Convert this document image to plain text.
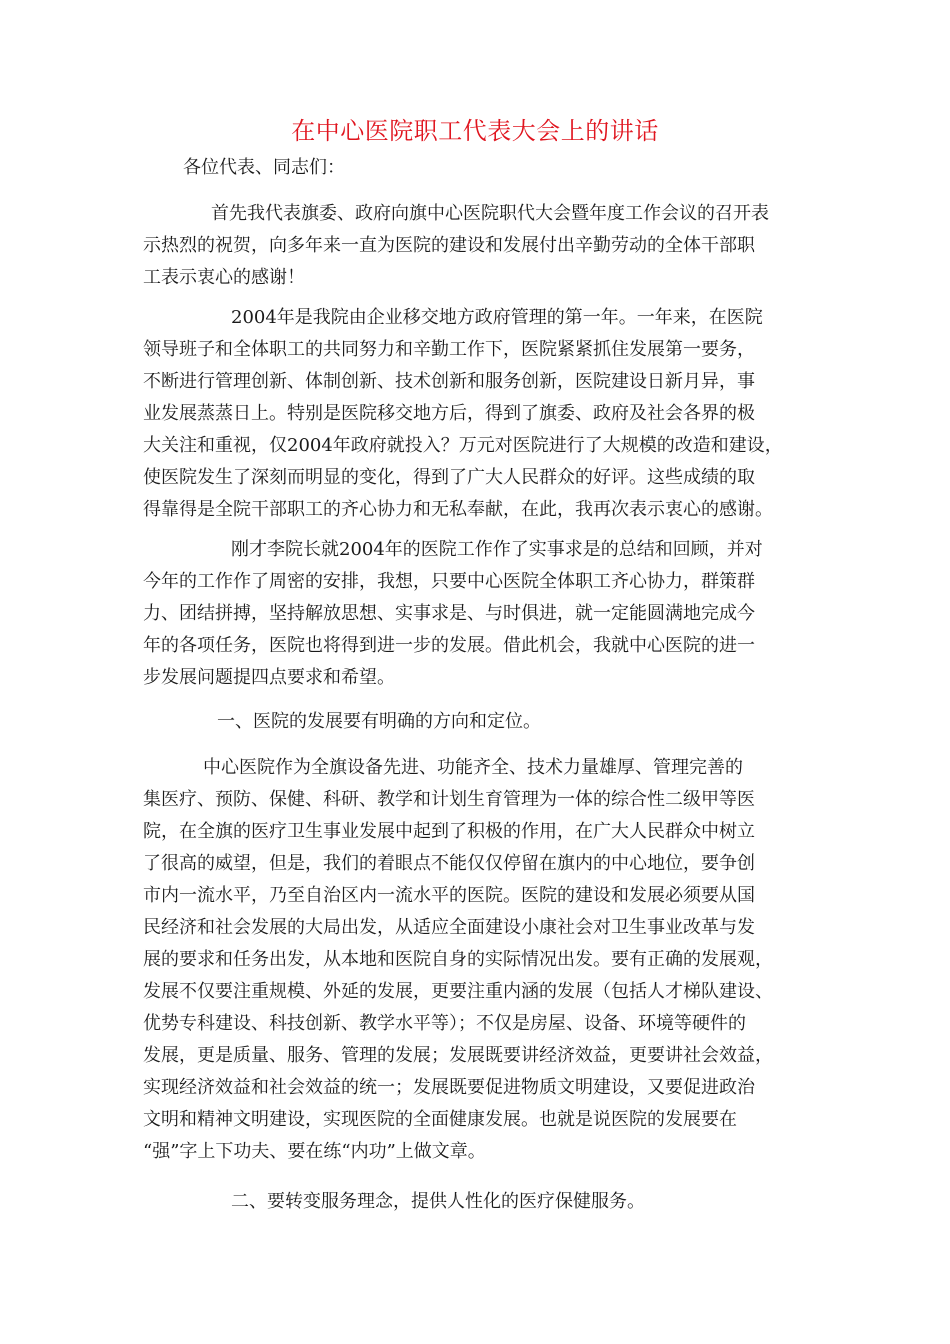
在中心医院职工代表大会上的讲话
各位代表、同志们：
首先我代表旗委、政府向旗中心医院职代大会暨年度工作会议的召开表
示热烈的祝贺，向多年来一直为医院的建设和发展付出辛勤劳动的全体干部职
工表示衷心的感谢！
2004年是我院由企业移交地方政府管理的第一年。一年来，在医院
领导班子和全体职工的共同努力和辛勤工作下，医院紧紧抓住发展第一要务，
不断进行管理创新、体制创新、技术创新和服务创新，医院建设日新月异，事
业发展蒸蒸日上。特别是医院移交地方后，得到了旗委、政府及社会各界的极
大关注和重视，仅2004年政府就投入？万元对医院进行了大规模的改造和建设，
使医院发生了深刻而明显的变化，得到了广大人民群众的好评。这些成绩的取
得靠得是全院干部职工的齐心协力和无私奉献，在此，我再次表示衷心的感谢。
刚才李院长就2004年的医院工作作了实事求是的总结和回顾，并对
今年的工作作了周密的安排，我想，只要中心医院全体职工齐心协力，群策群
力、团结拼搏，坚持解放思想、实事求是、与时俱进，就一定能圆满地完成今
年的各项任务，医院也将得到进一步的发展。借此机会，我就中心医院的进一
步发展问题提四点要求和希望。
一、医院的发展要有明确的方向和定位。
中心医院作为全旗设备先进、功能齐全、技术力量雄厚、管理完善的
集医疗、预防、保健、科研、教学和计划生育管理为一体的综合性二级甲等医
院，在全旗的医疗卫生事业发展中起到了积极的作用，在广大人民群众中树立
了很高的威望，但是，我们的着眼点不能仅仅停留在旗内的中心地位，要争创
市内一流水平，乃至自治区内一流水平的医院。医院的建设和发展必须要从国
民经济和社会发展的大局出发，从适应全面建设小康社会对卫生事业改革与发
展的要求和任务出发，从本地和医院自身的实际情况出发。要有正确的发展观，
发展不仅要注重规模、外延的发展，更要注重内涵的发展（包括人才梯队建设、
优势专科建设、科技创新、教学水平等）；不仅是房屋、设备、环境等硬件的
发展，更是质量、服务、管理的发展；发展既要讲经济效益，更要讲社会效益，
实现经济效益和社会效益的统一；发展既要促进物质文明建设，又要促进政治
文明和精神文明建设，实现医院的全面健康发展。也就是说医院的发展要在
“强”字上下功夫、要在练“内功”上做文章。
二、要转变服务理念，提供人性化的医疗保健服务。
